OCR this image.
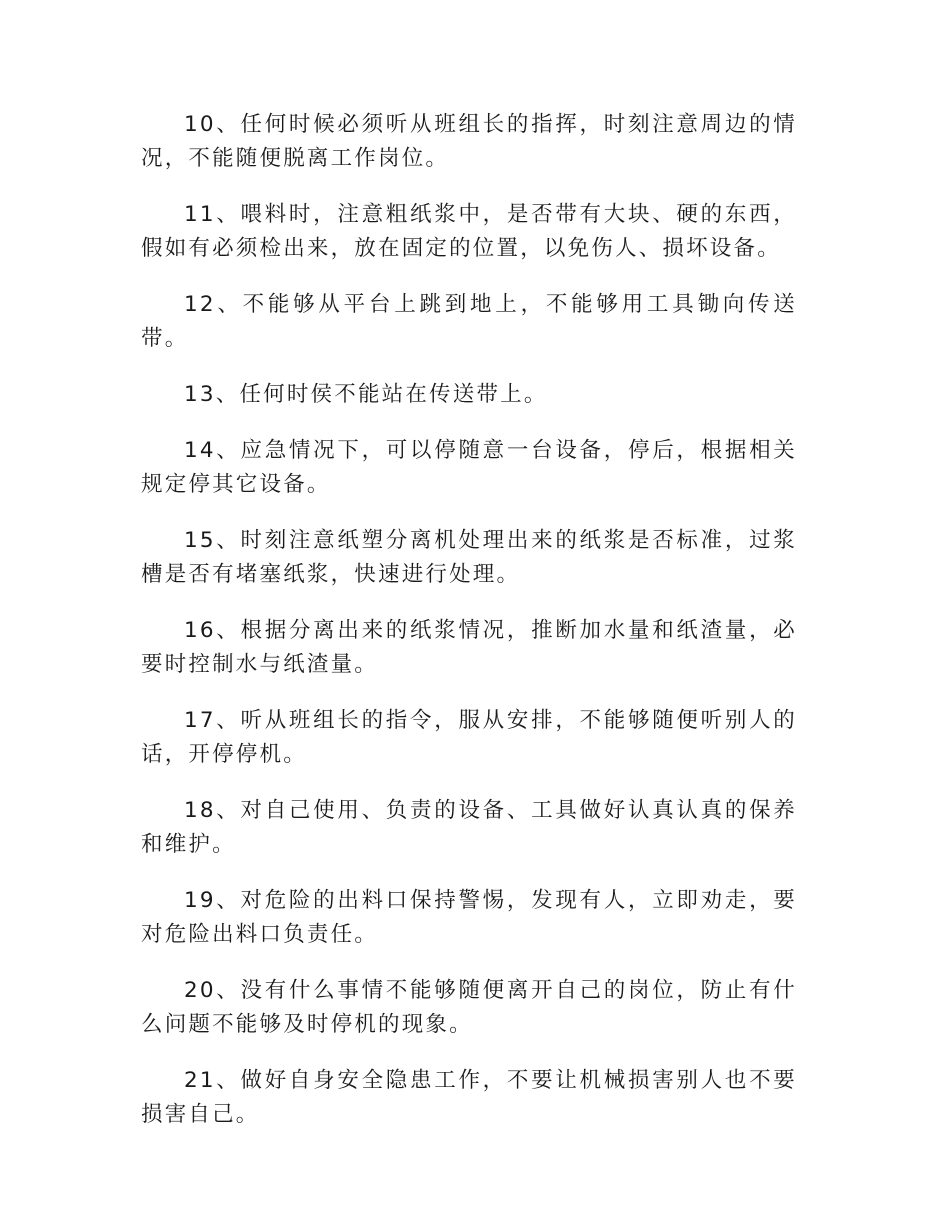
10、任何时候必须听从班组长的指挥，时刻注意周边的情况，不能随便脱离工作岗位。

11、喂料时，注意粗纸浆中，是否带有大块、硬的东西，假如有必须检出来，放在固定的位置，以免伤人、损坏设备。

12、不能够从平台上跳到地上，不能够用工具锄向传送带。

13、任何时侯不能站在传送带上。

14、应急情况下，可以停随意一台设备，停后，根据相关规定停其它设备。

15、时刻注意纸塑分离机处理出来的纸浆是否标准，过浆槽是否有堵塞纸浆，快速进行处理。

16、根据分离出来的纸浆情况，推断加水量和纸渣量，必要时控制水与纸渣量。

17、听从班组长的指令，服从安排，不能够随便听别人的话，开停停机。

18、对自己使用、负责的设备、工具做好认真认真的保养和维护。

19、对危险的出料口保持警惕，发现有人，立即劝走，要对危险出料口负责任。

20、没有什么事情不能够随便离开自己的岗位，防止有什么问题不能够及时停机的现象。

21、做好自身安全隐患工作，不要让机械损害别人也不要损害自己。
